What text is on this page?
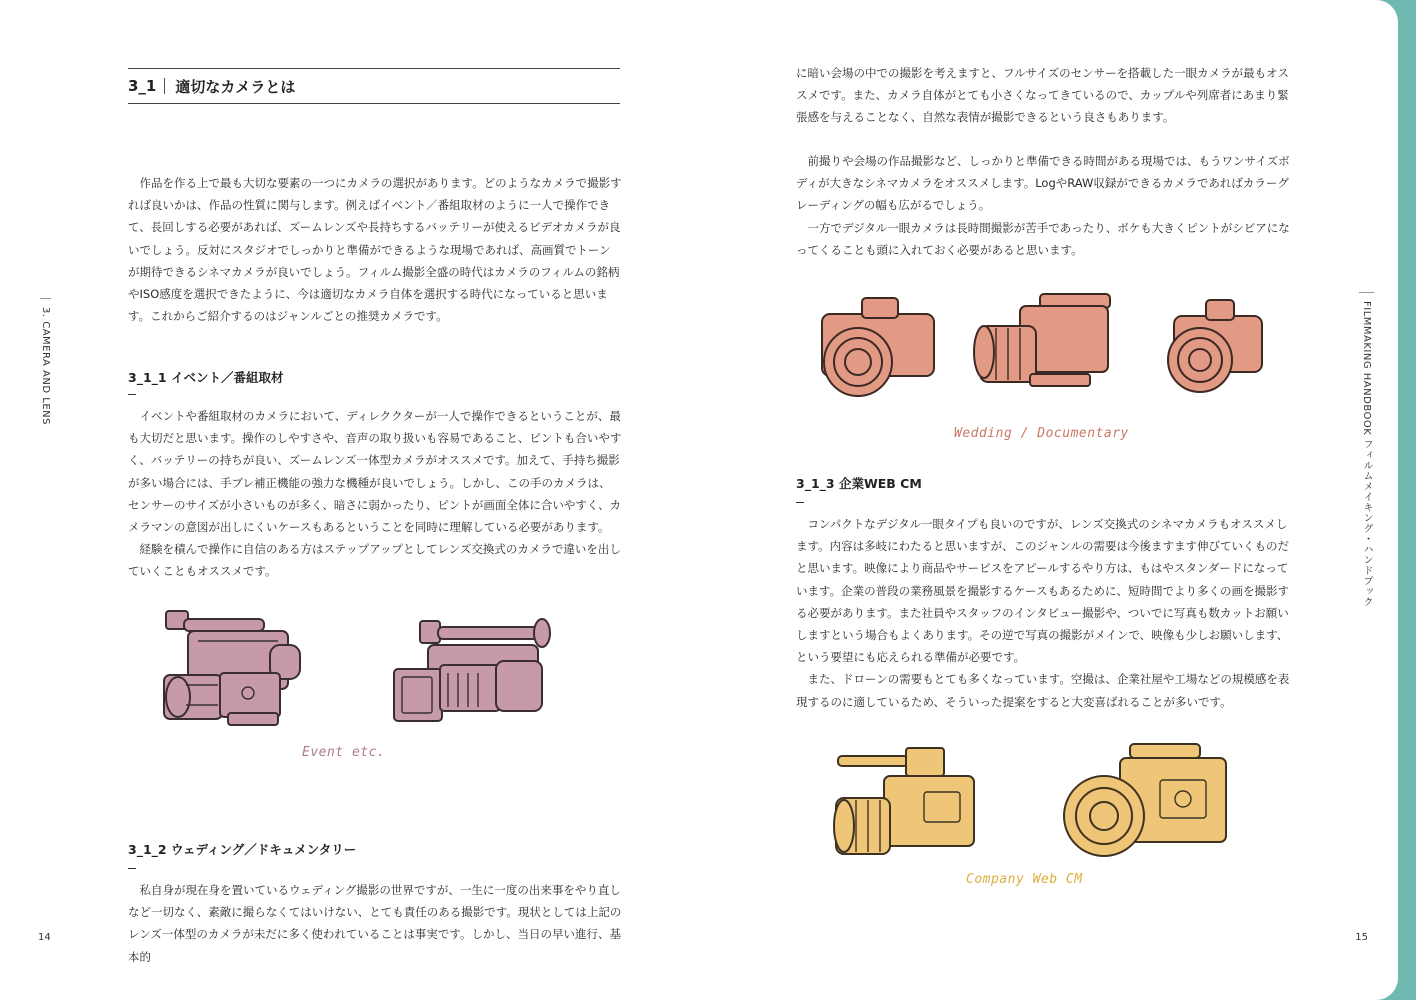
3. CAMERA AND LENS
3_1 適切なカメラとは

作品を作る上で最も大切な要素の一つにカメラの選択があります。どのようなカメラで撮影すれば良いかは、作品の性質に関与します。例えばイベント／番組取材のように一人で操作できて、長回しする必要があれば、ズームレンズや長持ちするバッテリーが使えるビデオカメラが良いでしょう。反対にスタジオでしっかりと準備ができるような現場であれば、高画質でトーンが期待できるシネマカメラが良いでしょう。フィルム撮影全盛の時代はカメラのフィルムの銘柄やISO感度を選択できたように、今は適切なカメラ自体を選択する時代になっていると思います。これからご紹介するのはジャンルごとの推奨カメラです。

3_1_1 イベント／番組取材

イベントや番組取材のカメラにおいて、ディレククターが一人で操作できるということが、最も大切だと思います。操作のしやすさや、音声の取り扱いも容易であること、ピントも合いやすく、バッテリーの持ちが良い、ズームレンズ一体型カメラがオススメです。加えて、手持ち撮影が多い場合には、手ブレ補正機能の強力な機種が良いでしょう。しかし、この手のカメラは、センサーのサイズが小さいものが多く、暗さに弱かったり、ピントが画面全体に合いやすく、カメラマンの意図が出しにくいケースもあるということを同時に理解している必要があります。

経験を積んで操作に自信のある方はステップアップとしてレンズ交換式のカメラで違いを出していくこともオススメです。

Event etc.
3_1_2 ウェディング／ドキュメンタリー

私自身が現在身を置いているウェディング撮影の世界ですが、一生に一度の出来事をやり直しなど一切なく、素敵に撮らなくてはいけない、とても責任のある撮影です。現状としては上記のレンズ一体型のカメラが未だに多く使われていることは事実です。しかし、当日の早い進行、基本的

14
FILMMAKING HANDBOOK フィルムメイキング・ハンドブック

に暗い会場の中での撮影を考えますと、フルサイズのセンサーを搭載した一眼カメラが最もオススメです。また、カメラ自体がとても小さくなってきているので、カップルや列席者にあまり緊張感を与えることなく、自然な表情が撮影できるという良さもあります。

前撮りや会場の作品撮影など、しっかりと準備できる時間がある現場では、もうワンサイズボディが大きなシネマカメラをオススメします。LogやRAW収録ができるカメラであればカラーグレーディングの幅も広がるでしょう。

一方でデジタル一眼カメラは長時間撮影が苦手であったり、ボケも大きくピントがシビアになってくることも頭に入れておく必要があると思います。

Wedding / Documentary
3_1_3 企業WEB CM

コンパクトなデジタル一眼タイプも良いのですが、レンズ交換式のシネマカメラもオススメします。内容は多岐にわたると思いますが、このジャンルの需要は今後ますます伸びていくものだと思います。映像により商品やサービスをアピールするやり方は、もはやスタンダードになっています。企業の普段の業務風景を撮影するケースもあるために、短時間でより多くの画を撮影する必要があります。また社員やスタッフのインタビュー撮影や、ついでに写真も数カットお願いしますという場合もよくあります。その逆で写真の撮影がメインで、映像も少しお願いします、という要望にも応えられる準備が必要です。

また、ドローンの需要もとても多くなっています。空撮は、企業社屋や工場などの規模感を表現するのに適しているため、そういった提案をすると大変喜ばれることが多いです。

Company Web CM
15
